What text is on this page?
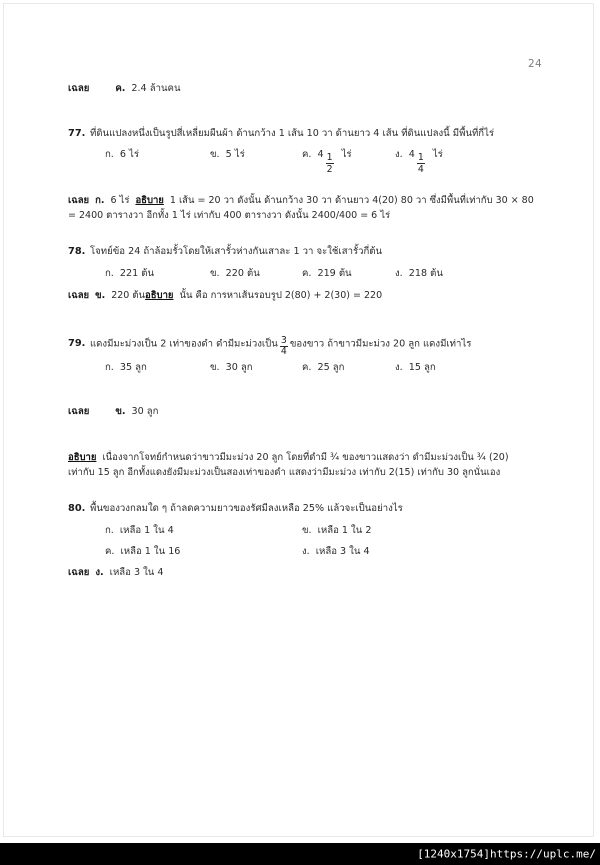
24
เฉลย	ค. 2.4 ล้านคน
77. ที่ดินแปลงหนึ่งเป็นรูปสี่เหลี่ยมผืนผ้า ด้านกว้าง 1 เส้น 10 วา ด้านยาว 4 เส้น ที่ดินแปลงนี้ มีพื้นที่กี่ไร่
ก. 6 ไร่	ข. 5 ไร่	ค. $4 \frac{1}{2}$ ไร่	ง. $4 \frac{1}{4}$ ไร่
เฉลย ก. 6 ไร่ อธิบาย 1 เส้น = 20 วา ดังนั้น ด้านกว้าง 30 วา ด้านยาว 4(20) 80 วา ซึ่งมีพื้นที่เท่ากับ 30 × 80 = 2400 ตารางวา อีกทั้ง 1 ไร่ เท่ากับ 400 ตารางวา ดังนั้น 2400/400 = 6 ไร่
78. โจทย์ข้อ 24 ถ้าล้อมรั้วโดยให้เสารั้วห่างกันเสาละ 1 วา จะใช้เสารั้วกี่ต้น
ก. 221 ต้น	ข. 220 ต้น	ค. 219 ต้น	ง. 218 ต้น
เฉลย ข. 220 ต้นอธิบาย นั้น คือ การหาเส้นรอบรูป 2(80) + 2(30) = 220
79. แดงมีมะม่วงเป็น 2 เท่าของดำ ดำมีมะม่วงเป็น $\frac{3}{4}$ ของขาว ถ้าขาวมีมะม่วง 20 ลูก แดงมีเท่าไร
ก. 35 ลูก	ข. 30 ลูก	ค. 25 ลูก	ง. 15 ลูก
เฉลย	ข. 30 ลูก
อธิบาย เนื่องจากโจทย์กำหนดว่าขาวมีมะม่วง 20 ลูก โดยที่ดำมี ¾ ของขาวแสดงว่า ดำมีมะม่วงเป็น ¾ (20) เท่ากับ 15 ลูก อีกทั้งแดงยังมีมะม่วงเป็นสองเท่าของดำ แสดงว่ามีมะม่วง เท่ากับ 2(15) เท่ากับ 30 ลูกนั่นเอง
80. พื้นของวงกลมใด ๆ ถ้าลดความยาวของรัศมีลงเหลือ 25% แล้วจะเป็นอย่างไร
ก. เหลือ 1 ใน 4	ข. เหลือ 1 ใน 2
ค. เหลือ 1 ใน 16	ง. เหลือ 3 ใน 4
เฉลย ง. เหลือ 3 ใน 4
[1240x1754]https://uplc.me/
